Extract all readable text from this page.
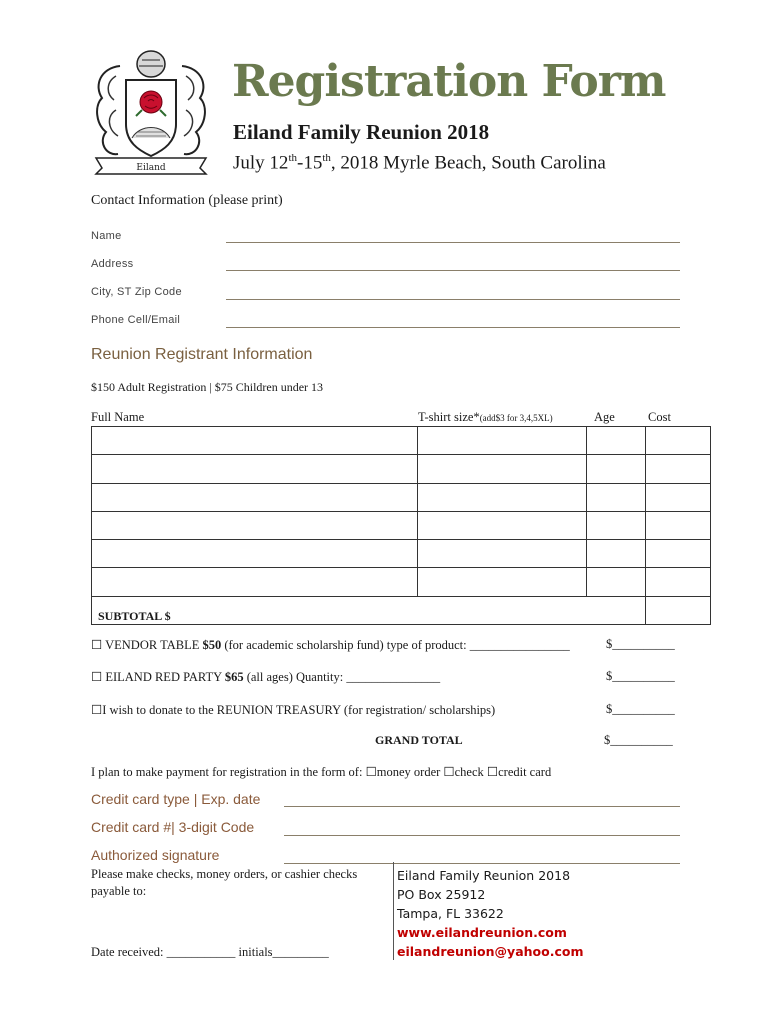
Eiland
Registration Form
Eiland Family Reunion 2018
July 12th-15th, 2018 Myrle Beach, South Carolina
Contact Information (please print)
Name
Address
City, ST Zip Code
Phone Cell/Email
Reunion Registrant Information
$150 Adult Registration | $75 Children under 13
Full Name	T-shirt size*(add$3 for 3,4,5XL)	Age	Cost

SUBTOTAL $			
☐ VENDOR TABLE $50 (for academic scholarship fund) type of product: ________________	$__________
☐ EILAND RED PARTY $65 (all ages) Quantity: _______________	$__________
☐I wish to donate to the REUNION TREASURY (for registration/ scholarships)	$__________
GRAND TOTAL	$__________
I plan to make payment for registration in the form of: ☐money order ☐check ☐credit card
Credit card type | Exp. date
Credit card #| 3-digit Code
Authorized signature
Please make checks, money orders, or cashier checks payable to:
Date received: ___________ initials_________
Eiland Family Reunion 2018
PO Box 25912
Tampa, FL 33622
www.eilandreunion.com
eilandreunion@yahoo.com
